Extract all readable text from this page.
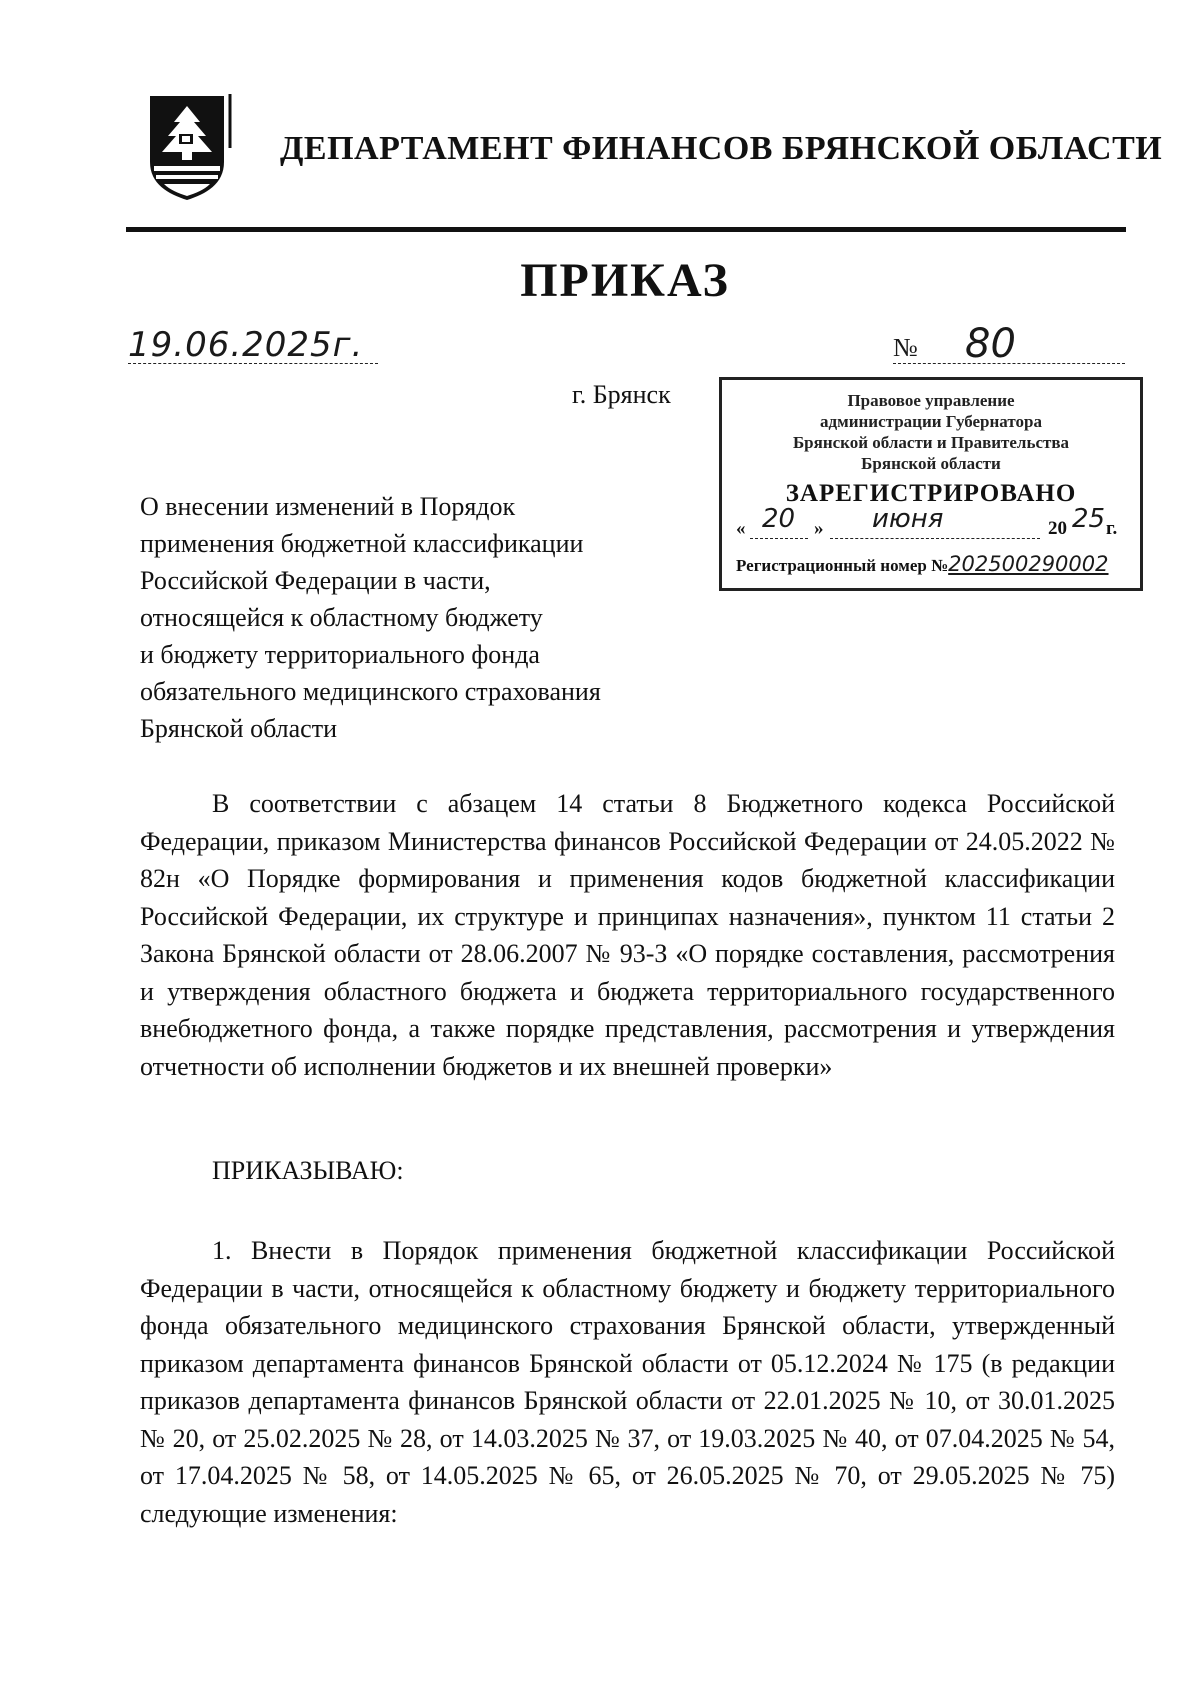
ДЕПАРТАМЕНТ ФИНАНСОВ БРЯНСКОЙ ОБЛАСТИ
ПРИКАЗ
19.06.2025г.	№ 80
г. Брянск	Правовое управление
администрации Губернатора
Брянской области и Правительства
Брянской области
ЗАРЕГИСТРИРОВАНО
« 20 » июня	20 25 г.
Регистрационный номер №202500290002
О внесении изменений в Порядок
применения бюджетной классификации
Российской Федерации в части,
относящейся к областному бюджету
и бюджету территориального фонда
обязательного медицинского страхования
Брянской области
В соответствии с абзацем 14 статьи 8 Бюджетного кодекса Российской Федерации, приказом Министерства финансов Российской Федерации от 24.05.2022 № 82н «О Порядке формирования и применения кодов бюджетной классификации Российской Федерации, их структуре и принципах назначения», пунктом 11 статьи 2 Закона Брянской области от 28.06.2007 № 93-З «О порядке составления, рассмотрения и утверждения областного бюджета и бюджета территориального государственного внебюджетного фонда, а также порядке представления, рассмотрения и утверждения отчетности об исполнении бюджетов и их внешней проверки»
ПРИКАЗЫВАЮ:
1. Внести в Порядок применения бюджетной классификации Российской Федерации в части, относящейся к областному бюджету и бюджету территориального фонда обязательного медицинского страхования Брянской области, утвержденный приказом департамента финансов Брянской области от 05.12.2024 № 175 (в редакции приказов департамента финансов Брянской области от 22.01.2025 № 10, от 30.01.2025 № 20, от 25.02.2025 № 28, от 14.03.2025 № 37, от 19.03.2025 № 40, от 07.04.2025 № 54, от 17.04.2025 № 58, от 14.05.2025 № 65, от 26.05.2025 № 70, от 29.05.2025 № 75) следующие изменения:
